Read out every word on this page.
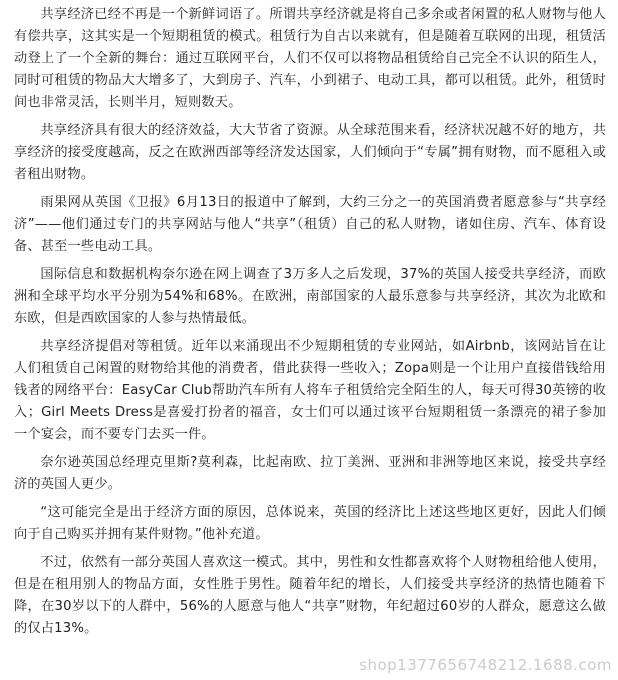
共享经济已经不再是一个新鲜词语了。所谓共享经济就是将自己多余或者闲置的私人财物与他人有偿共享，这其实是一个短期租赁的模式。租赁行为自古以来就有，但是随着互联网的出现，租赁活动登上了一个全新的舞台：通过互联网平台，人们不仅可以将物品租赁给自己完全不认识的陌生人，同时可租赁的物品大大增多了，大到房子、汽车，小到裙子、电动工具，都可以租赁。此外，租赁时间也非常灵活，长则半月，短则数天。

共享经济具有很大的经济效益，大大节省了资源。从全球范围来看，经济状况越不好的地方，共享经济的接受度越高，反之在欧洲西部等经济发达国家，人们倾向于“专属”拥有财物，而不愿租入或者租出财物。

雨果网从英国《卫报》6月13日的报道中了解到，大约三分之一的英国消费者愿意参与“共享经济”——他们通过专门的共享网站与他人“共享”（租赁）自己的私人财物，诸如住房、汽车、体育设备、甚至一些电动工具。

国际信息和数据机构奈尔逊在网上调查了3万多人之后发现，37%的英国人接受共享经济，而欧洲和全球平均水平分别为54%和68%。在欧洲，南部国家的人最乐意参与共享经济，其次为北欧和东欧，但是西欧国家的人参与热情最低。

共享经济提倡对等租赁。近年以来涌现出不少短期租赁的专业网站，如Airbnb，该网站旨在让人们租赁自己闲置的财物给其他的消费者，借此获得一些收入；Zopa则是一个让用户直接借钱给用钱者的网络平台：EasyCar Club帮助汽车所有人将车子租赁给完全陌生的人，每天可得30英镑的收入；Girl Meets Dress是喜爱打扮者的福音，女士们可以通过该平台短期租赁一条漂亮的裙子参加一个宴会，而不要专门去买一件。

奈尔逊英国总经理克里斯?莫利森，比起南欧、拉丁美洲、亚洲和非洲等地区来说，接受共享经济的英国人更少。

“这可能完全是出于经济方面的原因，总体说来，英国的经济比上述这些地区更好，因此人们倾向于自己购买并拥有某件财物。”他补充道。

不过，依然有一部分英国人喜欢这一模式。其中，男性和女性都喜欢将个人财物租给他人使用，但是在租用别人的物品方面，女性胜于男性。随着年纪的增长，人们接受共享经济的热情也随着下降，在30岁以下的人群中，56%的人愿意与他人“共享”财物，年纪超过60岁的人群众，愿意这么做的仅占13%。

shop1377656748212.1688.com
